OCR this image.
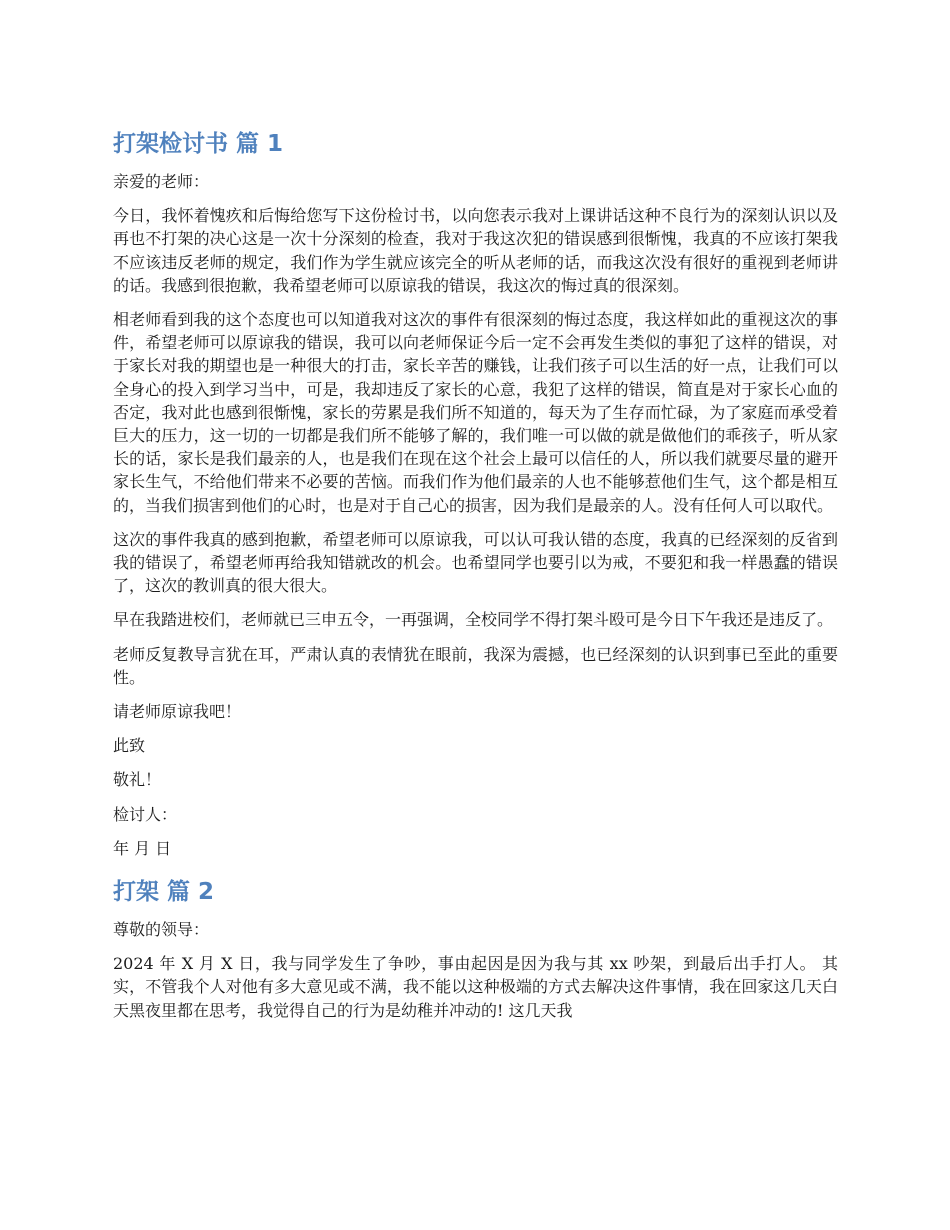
打架检讨书 篇 1

亲爱的老师：

今日，我怀着愧疚和后悔给您写下这份检讨书，以向您表示我对上课讲话这种不良行为的深刻认识以及再也不打架的决心这是一次十分深刻的检查，我对于我这次犯的错误感到很惭愧，我真的不应该打架我不应该违反老师的规定，我们作为学生就应该完全的听从老师的话，而我这次没有很好的重视到老师讲的话。我感到很抱歉，我希望老师可以原谅我的错误，我这次的悔过真的很深刻。

相老师看到我的这个态度也可以知道我对这次的事件有很深刻的悔过态度，我这样如此的重视这次的事件，希望老师可以原谅我的错误，我可以向老师保证今后一定不会再发生类似的事犯了这样的错误，对于家长对我的期望也是一种很大的打击，家长辛苦的赚钱，让我们孩子可以生活的好一点，让我们可以全身心的投入到学习当中，可是，我却违反了家长的心意，我犯了这样的错误，简直是对于家长心血的否定，我对此也感到很惭愧，家长的劳累是我们所不知道的，每天为了生存而忙碌，为了家庭而承受着巨大的压力，这一切的一切都是我们所不能够了解的，我们唯一可以做的就是做他们的乖孩子，听从家长的话，家长是我们最亲的人，也是我们在现在这个社会上最可以信任的人，所以我们就要尽量的避开家长生气，不给他们带来不必要的苦恼。而我们作为他们最亲的人也不能够惹他们生气，这个都是相互的，当我们损害到他们的心时，也是对于自己心的损害，因为我们是最亲的人。没有任何人可以取代。

这次的事件我真的感到抱歉，希望老师可以原谅我，可以认可我认错的态度，我真的已经深刻的反省到我的错误了，希望老师再给我知错就改的机会。也希望同学也要引以为戒，不要犯和我一样愚蠢的错误了，这次的教训真的很大很大。

早在我踏进校们，老师就已三申五令，一再强调，全校同学不得打架斗殴可是今日下午我还是违反了。

老师反复教导言犹在耳，严肃认真的表情犹在眼前，我深为震撼，也已经深刻的认识到事已至此的重要性。

请老师原谅我吧！

此致

敬礼！

检讨人：

年 月 日

打架 篇 2

尊敬的领导：

2024 年 X 月 X 日，我与同学发生了争吵，事由起因是因为我与其 xx 吵架，到最后出手打人。 其实，不管我个人对他有多大意见或不满，我不能以这种极端的方式去解决这件事情，我在回家这几天白天黑夜里都在思考，我觉得自己的行为是幼稚并冲动的! 这几天我
